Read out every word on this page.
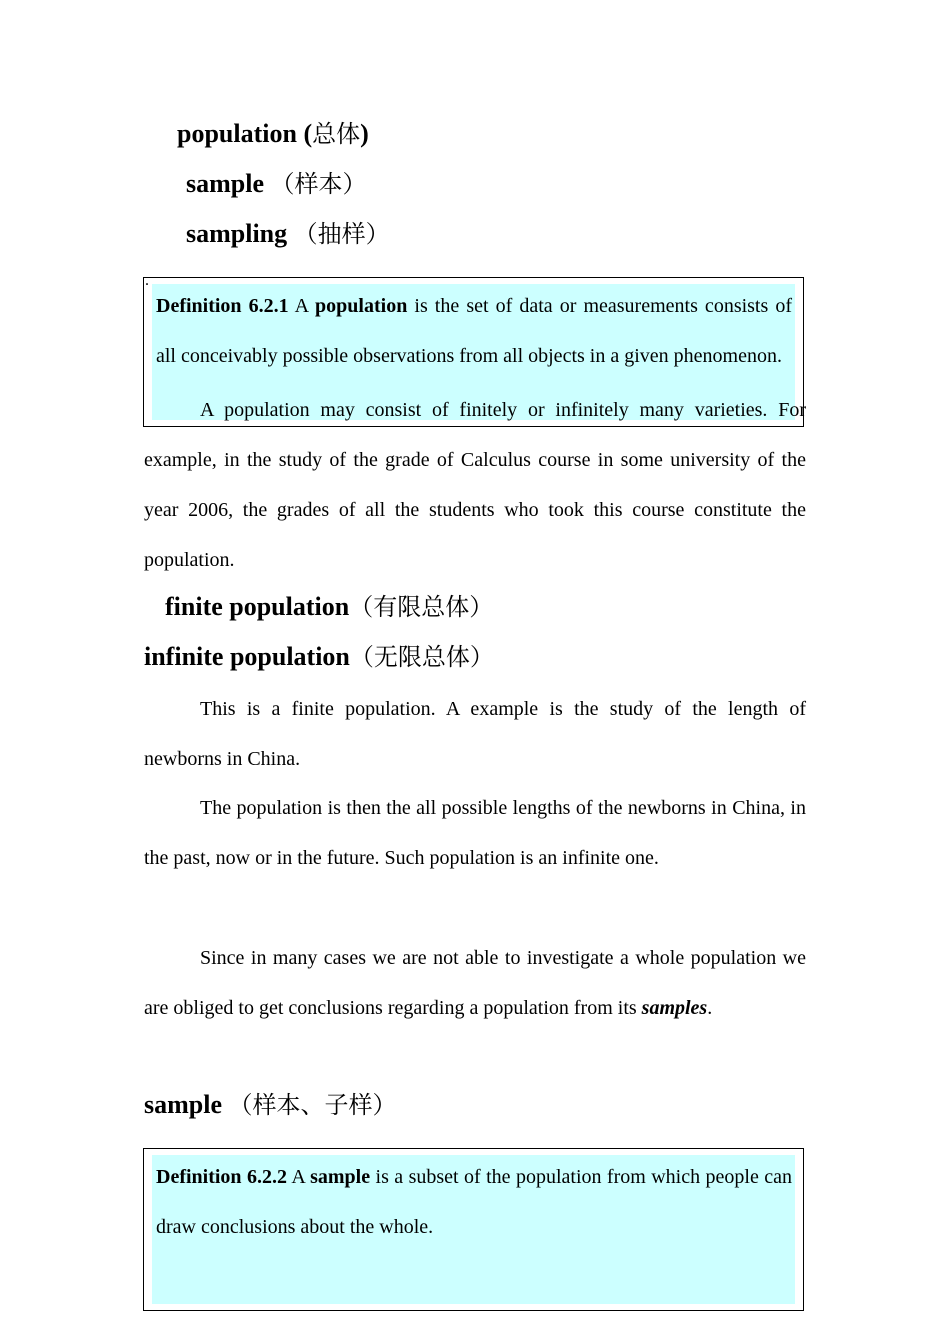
population (总体)
sample （样本）
sampling （抽样）
.
Definition 6.2.1 A population is the set of data or measurements consists of all conceivably possible observations from all objects in a given phenomenon.
A population may consist of finitely or infinitely many varieties. For example, in the study of the grade of Calculus course in some university of the year 2006, the grades of all the students who took this course constitute the population.
finite population（有限总体）
infinite population（无限总体）
This is a finite population. A example is the study of the length of newborns in China.
The population is then the all possible lengths of the newborns in China, in the past, now or in the future. Such population is an infinite one.
Since in many cases we are not able to investigate a whole population we are obliged to get conclusions regarding a population from its samples.
sample （样本、子样）
Definition 6.2.2 A sample is a subset of the population from which people can draw conclusions about the whole.
